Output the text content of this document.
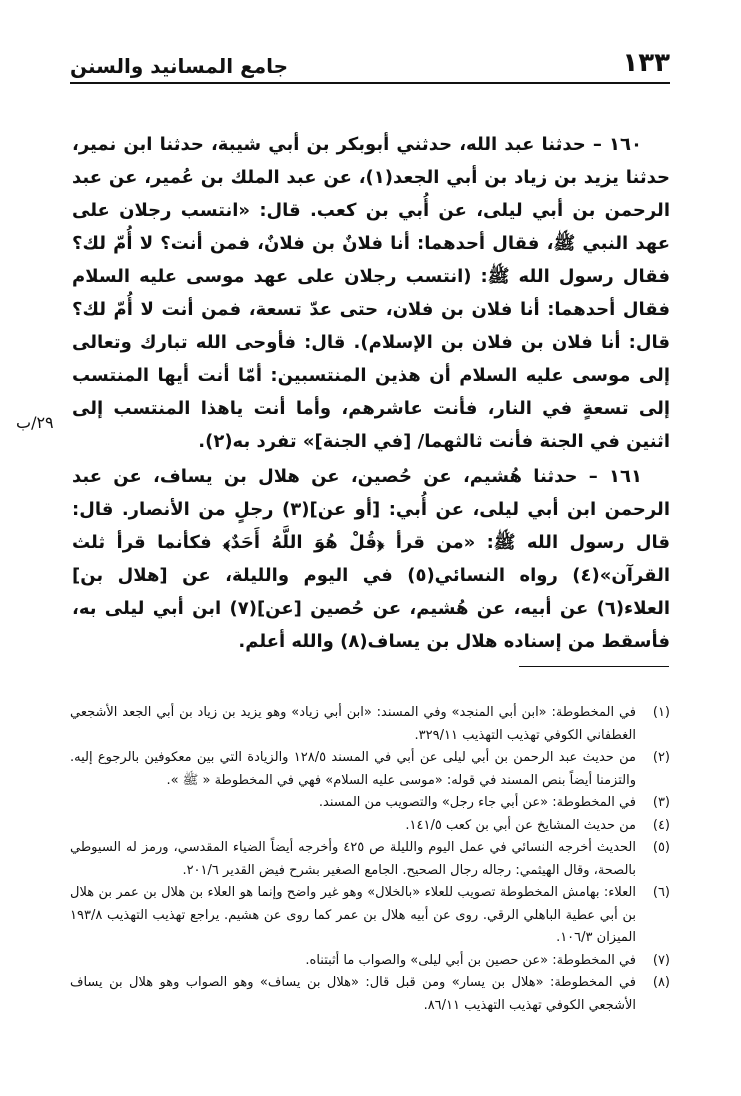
١٣٣
جامع المسانيد والسنن
٢٩/ب

١٦٠ – حدثنا عبد الله، حدثني أبوبكر بن أبي شيبة، حدثنا ابن نمير، حدثنا يزيد بن زياد بن أبي الجعد(١)، عن عبد الملك بن عُمير، عن عبد الرحمن بن أبي ليلى، عن أُبي بن كعب. قال: «انتسب رجلان على عهد النبي ﷺ، فقال أحدهما: أنا فلانٌ بن فلانٌ، فمن أنت؟ لا أُمّ لك؟ فقال رسول الله ﷺ: (انتسب رجلان على عهد موسى عليه السلام فقال أحدهما: أنا فلان بن فلان، حتى عدّ تسعة، فمن أنت لا أُمّ لك؟ قال: أنا فلان بن فلان بن الإسلام). قال: فأوحى الله تبارك وتعالى إلى موسى عليه السلام أن هذين المنتسبين: أمّا أنت أيها المنتسب إلى تسعةٍ في النار، فأنت عاشرهم، وأما أنت ياهذا المنتسب إلى اثنين في الجنة فأنت ثالثهما/ [في الجنة]» تفرد به(٢).

١٦١ – حدثنا هُشيم، عن حُصين، عن هلال بن يساف، عن عبد الرحمن ابن أبي ليلى، عن أُبي: [أو عن](٣) رجلٍ من الأنصار. قال: قال رسول الله ﷺ: «من قرأ ﴿قُلْ هُوَ اللَّهُ أَحَدٌ﴾ فكأنما قرأ ثلث القرآن»(٤) رواه النسائي(٥) في اليوم والليلة، عن [هلال بن] العلاء(٦) عن أبيه، عن هُشيم، عن حُصين [عن](٧) ابن أبي ليلى به، فأسقط من إسناده هلال بن يساف(٨) والله أعلم.

(١)
في المخطوطة: «ابن أبي المنجد» وفي المسند: «ابن أبي زياد» وهو يزيد بن زياد بن أبي الجعد الأشجعي الغطفاني الكوفي تهذيب التهذيب ٣٢٩/١١.
(٢)
من حديث عبد الرحمن بن أبي ليلى عن أبي في المسند ١٢٨/٥ والزيادة التي بين معكوفين بالرجوع إليه. والتزمنا أيضاً بنص المسند في قوله: «موسى عليه السلام» فهي في المخطوطة « ﷺ ».
(٣)
في المخطوطة: «عن أبي جاء رجل» والتصويب من المسند.
(٤)
من حديث المشايخ عن أبي بن كعب ١٤١/٥.
(٥)
الحديث أخرجه النسائي في عمل اليوم والليلة ص ٤٢٥ وأخرجه أيضاً الضياء المقدسي، ورمز له السيوطي بالصحة، وقال الهيثمي: رجاله رجال الصحيح. الجامع الصغير بشرح فيض القدير ٢٠١/٦.
(٦)
العلاء: بهامش المخطوطة تصويب للعلاء «بالخلال» وهو غير واضح وإنما هو العلاء بن هلال بن عمر بن هلال بن أبي عطية الباهلي الرقي. روى عن أبيه هلال بن عمر كما روى عن هشيم. يراجع تهذيب التهذيب ١٩٣/٨ الميزان ١٠٦/٣.
(٧)
في المخطوطة: «عن حصين بن أبي ليلى» والصواب ما أثبتناه.
(٨)
في المخطوطة: «هلال بن يسار» ومن قبل قال: «هلال بن يساف» وهو الصواب وهو هلال بن يساف الأشجعي الكوفي تهذيب التهذيب ٨٦/١١.
